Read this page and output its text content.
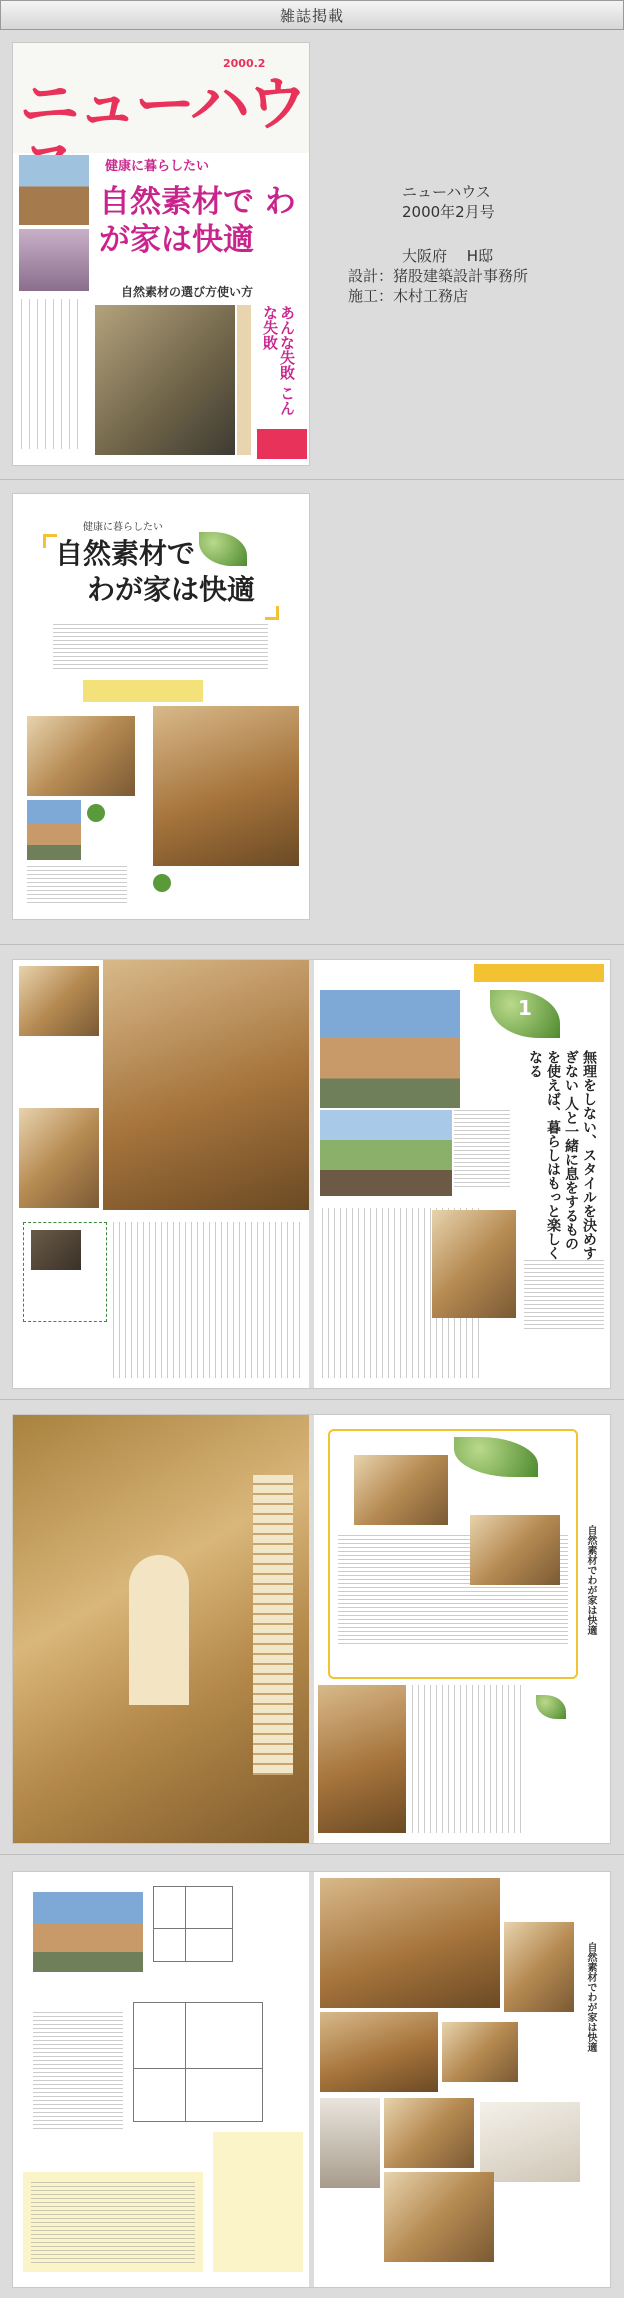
雑誌掲載
2000.2
ニューハウ
健康に暮らしたい
自然素材で わが家は快適
自然素材の選び方使い方
あんな失敗 こんな失敗
ニューハウス
2000年2月号
大阪府　 H邸
設計：猪股建築設計事務所
施工：木村工務店
健康に暮らしたい
自然素材で
わが家は快適
1
無理をしない、スタイルを決めすぎない 人と一緒に息をするものを使えば、暮らしはもっと楽しくなる
自然素材でわが家は快適
自然素材でわが家は快適
